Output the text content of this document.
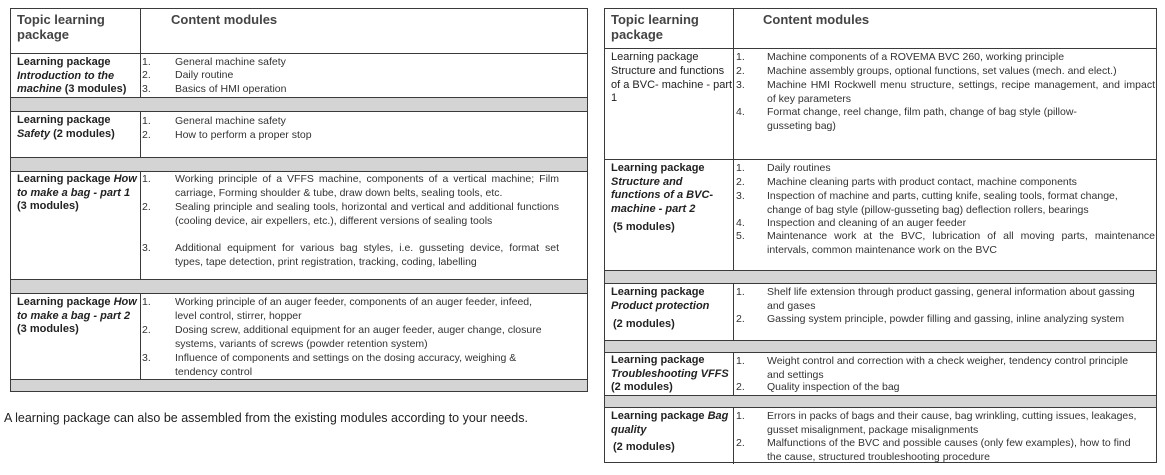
Topic learning package
Content modules
Learning package Introduction to the machine (3 modules)
1. General machine safety
2. Daily routine
3. Basics of HMI operation
Learning package Safety (2 modules)
1. General machine safety
2. How to perform a proper stop
Learning package How to make a bag - part 1 (3 modules)
1. Working principle of a VFFS machine, components of a vertical machine; Film carriage, Forming shoulder & tube, draw down belts, sealing tools, etc.
2. Sealing principle and sealing tools, horizontal and vertical and additional functions (cooling device, air expellers, etc.), different versions of sealing tools
3. Additional equipment for various bag styles, i.e. gusseting device, format set types, tape detection, print registration, tracking, coding, labelling
Learning package How to make a bag - part 2 (3 modules)
1. Working principle of an auger feeder, components of an auger feeder, infeed, level control, stirrer, hopper
2. Dosing screw, additional equipment for an auger feeder, auger change, closure systems, variants of screws (powder retention system)
3. Influence of components and settings on the dosing accuracy, weighing & tendency control
A learning package can also be assembled from the existing modules according to your needs.
Topic learning package
Content modules
Learning package
Structure and functions of a BVC- machine - part 1
1. Machine components of a ROVEMA BVC 260, working principle
2. Machine assembly groups, optional functions, set values (mech. and elect.)
3. Machine HMI Rockwell menu structure, settings, recipe management, and impact of key parameters
4. Format change, reel change, film path, change of bag style (pillow-gusseting bag)
Learning package Structure and functions of a BVC- machine - part 2
(5 modules)
1. Daily routines
2. Machine cleaning parts with product contact, machine components
3. Inspection of machine and parts, cutting knife, sealing tools, format change, change of bag style (pillow-gusseting bag) deflection rollers, bearings
4. Inspection and cleaning of an auger feeder
5. Maintenance work at the BVC, lubrication of all moving parts, maintenance intervals, common maintenance work on the BVC
Learning package Product protection
(2 modules)
1. Shelf life extension through product gassing, general information about gassing and gases
2. Gassing system principle, powder filling and gassing, inline analyzing system
Learning package Troubleshooting VFFS (2 modules)
1. Weight control and correction with a check weigher, tendency control principle and settings
2. Quality inspection of the bag
Learning package Bag quality
(2 modules)
1. Errors in packs of bags and their cause, bag wrinkling, cutting issues, leakages, gusset misalignment, package misalignments
2. Malfunctions of the BVC and possible causes (only few examples), how to find the cause, structured troubleshooting procedure
